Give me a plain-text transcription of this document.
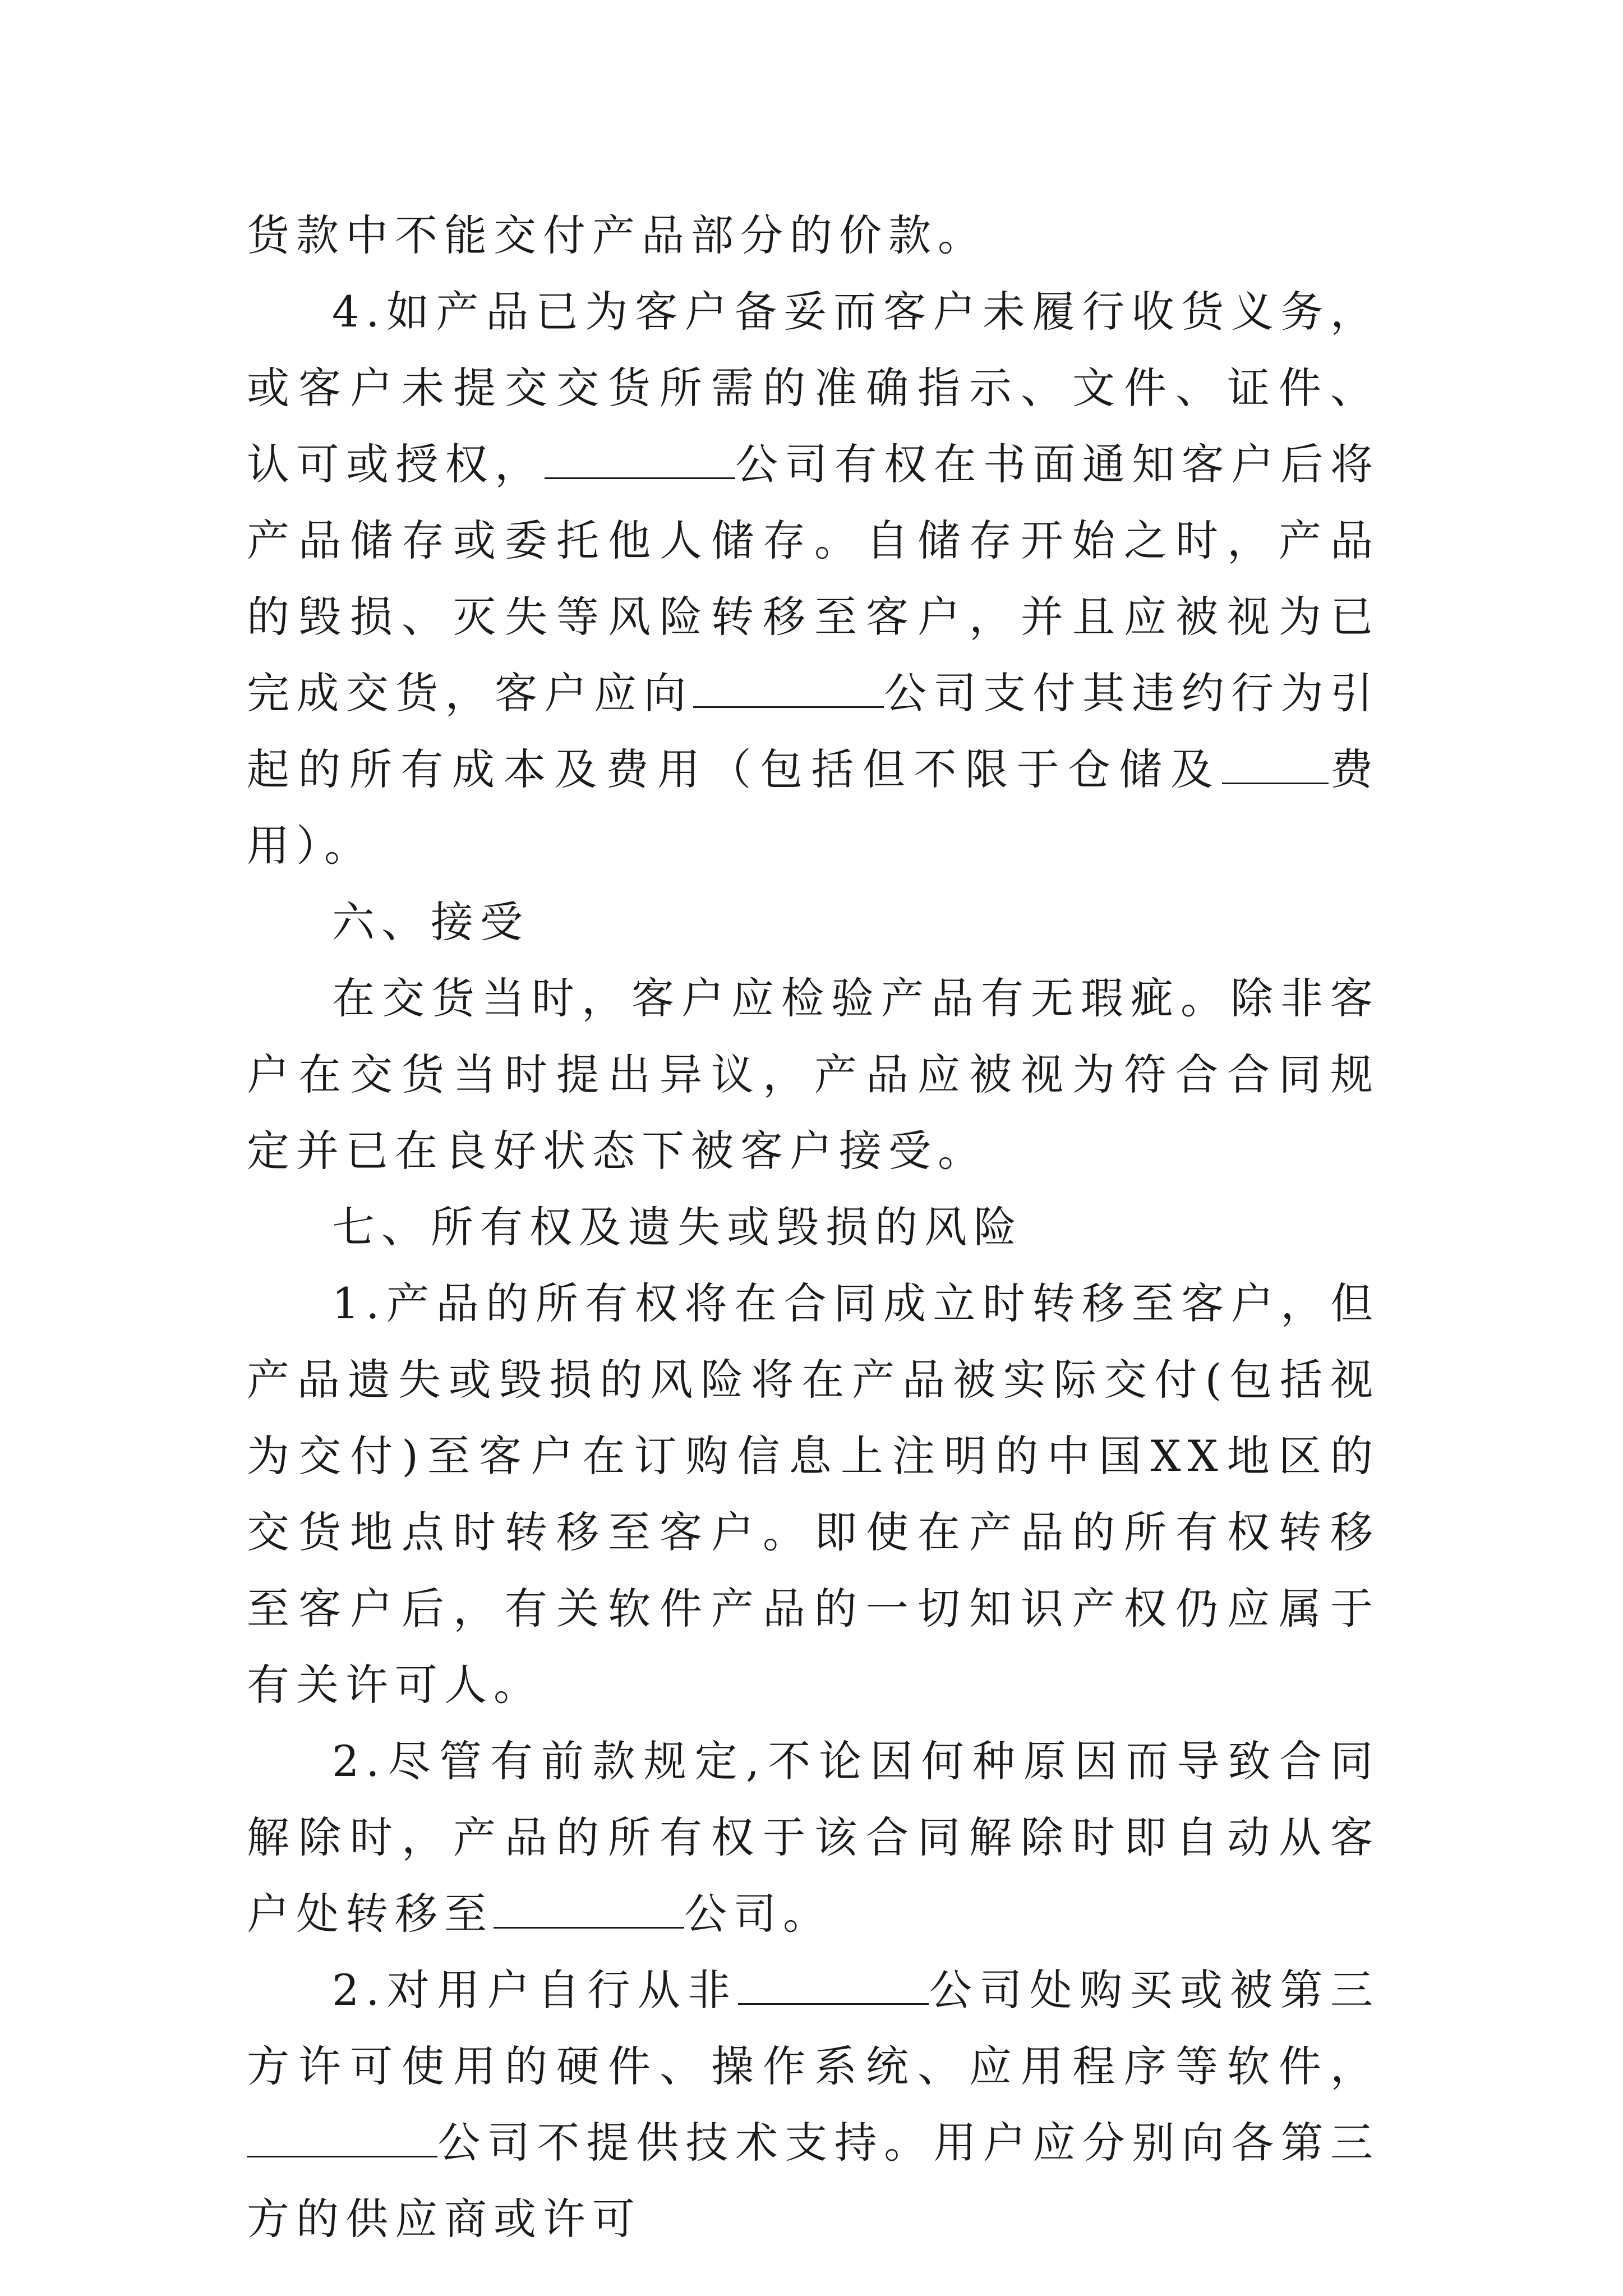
货款中不能交付产品部分的价款。

4.如产品已为客户备妥而客户未履行收货义务，或客户未提交交货所需的准确指示、文件、证件、认可或授权，	公司有权在书面通知客户后将产品储存或委托他人储存。自储存开始之时，产品的毁损、灭失等风险转移至客户，并且应被视为已完成交货，客户应向	公司支付其违约行为引起的所有成本及费用（包括但不限于仓储及	费用）。

六、接受

在交货当时，客户应检验产品有无瑕疵。除非客户在交货当时提出异议，产品应被视为符合合同规定并已在良好状态下被客户接受。

七、所有权及遗失或毁损的风险

1.产品的所有权将在合同成立时转移至客户，但产品遗失或毁损的风险将在产品被实际交付(包括视为交付)至客户在订购信息上注明的中国XX地区的交货地点时转移至客户。即使在产品的所有权转移至客户后，有关软件产品的一切知识产权仍应属于有关许可人。

2.尽管有前款规定,不论因何种原因而导致合同解除时，产品的所有权于该合同解除时即自动从客户处转移至	公司。

2.对用户自行从非	公司处购买或被第三方许可使用的硬件、操作系统、应用程序等软件，公司不提供技术支持。用户应分别向各第三方的供应商或许可
